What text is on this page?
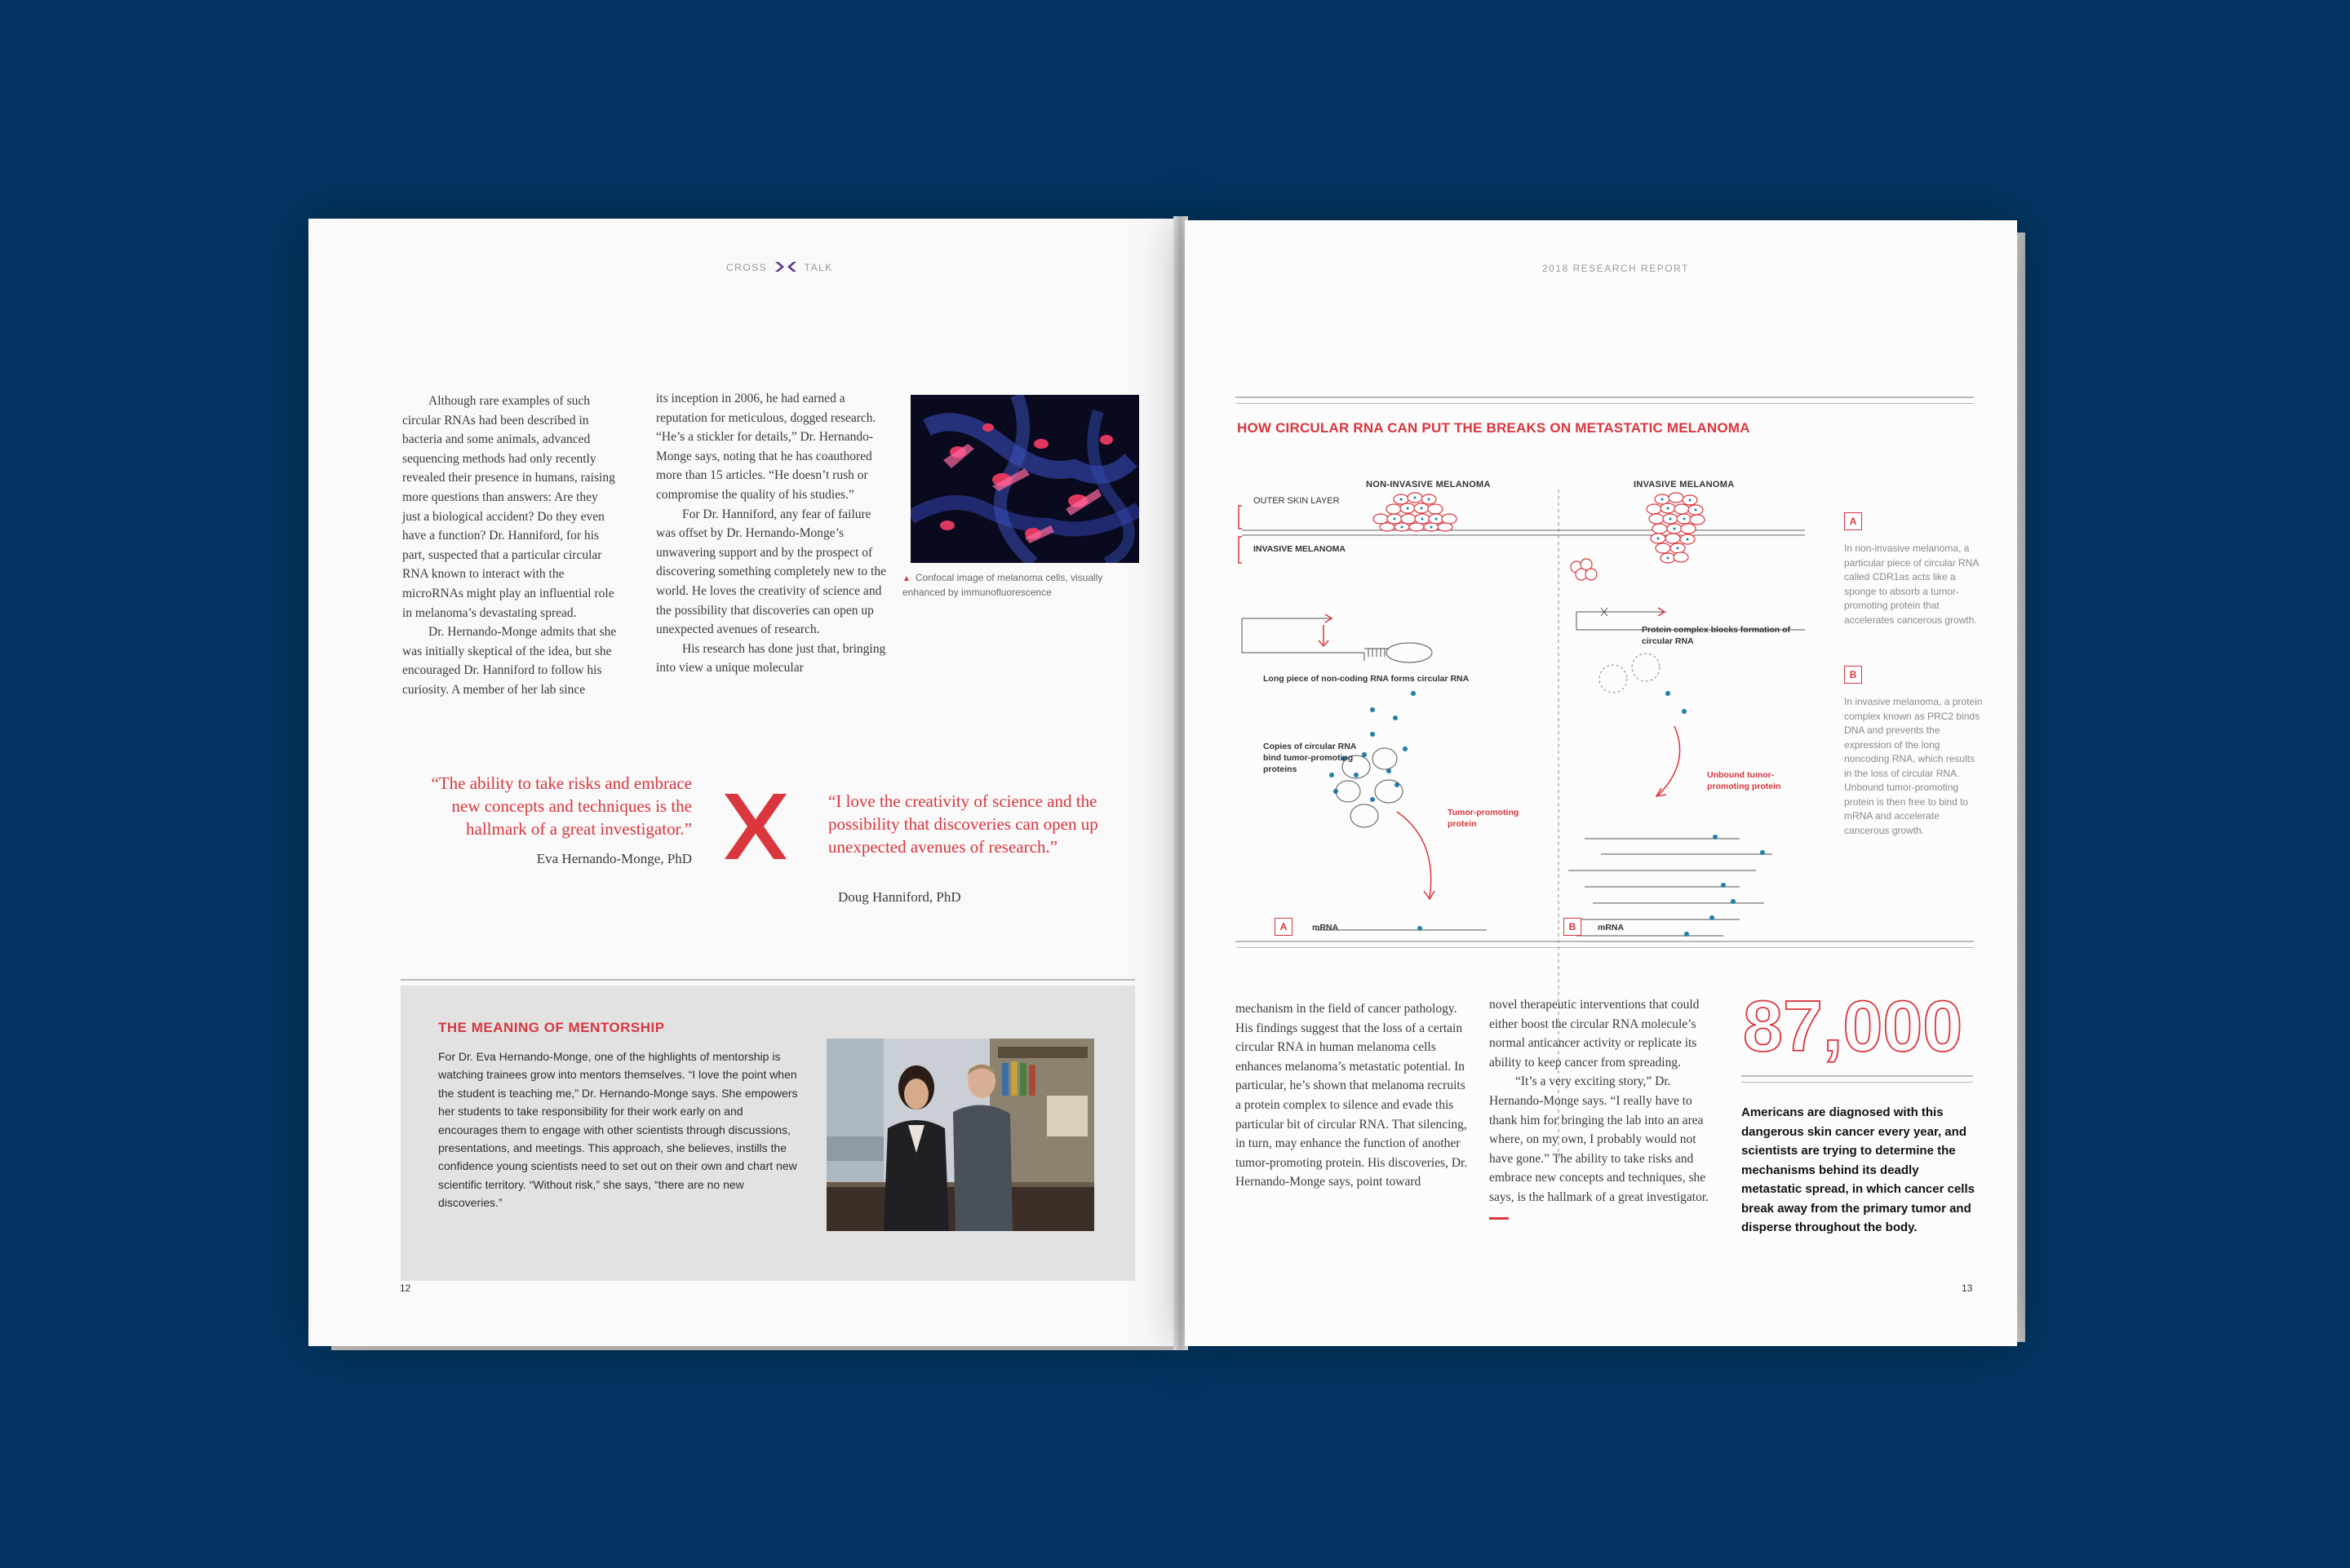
CROSS	TALK

Although rare examples of such circular RNAs had been described in bacteria and some animals, advanced sequencing methods had only recently revealed their presence in humans, raising more questions than answers: Are they just a biological accident? Do they even have a function? Dr. Hanniford, for his part, suspected that a particular circular RNA known to interact with the microRNAs might play an influential role in melanoma’s devastating spread.

Dr. Hernando-Monge admits that she was initially skeptical of the idea, but she encouraged Dr. Hanniford to follow his curiosity. A member of her lab since

its inception in 2006, he had earned a reputation for meticulous, dogged research. “He’s a stickler for details,” Dr. Hernando-Monge says, noting that he has coauthored more than 15 articles. “He doesn’t rush or compromise the quality of his studies.”

For Dr. Hanniford, any fear of failure was offset by Dr. Hernando-Monge’s unwavering support and by the prospect of discovering something completely new to the world. He loves the creativity of science and the possibility that discoveries can open up unexpected avenues of research.

His research has done just that, bringing into view a unique molecular

▲ Confocal image of melanoma cells, visually enhanced by immunofluorescence
“The ability to take risks and embrace new concepts and techniques is the hallmark of a great investigator.”
Eva Hernando-Monge, PhD
“I love the creativity of science and the possibility that discoveries can open up unexpected avenues of research.”
Doug Hanniford, PhD
THE MEANING OF MENTORSHIP
For Dr. Eva Hernando-Monge, one of the highlights of mentorship is watching trainees grow into mentors themselves. “I love the point when the student is teaching me,” Dr. Hernando-Monge says. She empowers her students to take responsibility for their work early on and encourages them to engage with other scientists through discussions, presentations, and meetings. This approach, she believes, instills the confidence young scientists need to set out on their own and chart new scientific territory. “Without risk,” she says, “there are no new discoveries.”
12
2018 RESEARCH REPORT
HOW CIRCULAR RNA CAN PUT THE BREAKS ON METASTATIC MELANOMA
NON-INVASIVE MELANOMA	INVASIVE MELANOMA
OUTER SKIN LAYER
INVASIVE MELANOMA
Long piece of non-coding RNA forms circular RNA
Copies of circular RNA bind tumor-promoting proteins
Tumor-promoting protein
Protein complex blocks formation of circular RNA
Unbound tumor-promoting protein
A	mRNA	B	mRNA
A
In non-invasive melanoma, a particular piece of circular RNA called CDR1as acts like a sponge to absorb a tumor-promoting protein that accelerates cancerous growth.
B
In invasive melanoma, a protein complex known as PRC2 binds DNA and prevents the expression of the long noncoding RNA, which results in the loss of circular RNA. Unbound tumor-promoting protein is then free to bind to mRNA and accelerate cancerous growth.

mechanism in the field of cancer pathology. His findings suggest that the loss of a certain circular RNA in human melanoma cells enhances melanoma’s metastatic potential. In particular, he’s shown that melanoma recruits a protein complex to silence and evade this particular bit of circular RNA. That silencing, in turn, may enhance the function of another tumor-promoting protein. His discoveries, Dr. Hernando-Monge says, point toward

novel therapeutic interventions that could either boost the circular RNA molecule’s normal anticancer activity or replicate its ability to keep cancer from spreading.

“It’s a very exciting story,” Dr. Hernando-Monge says. “I really have to thank him for bringing the lab into an area where, on my own, I probably would not have gone.” The ability to take risks and embrace new concepts and techniques, she says, is the hallmark of a great investigator.

87,000
Americans are diagnosed with this dangerous skin cancer every year, and scientists are trying to determine the mechanisms behind its deadly metastatic spread, in which cancer cells break away from the primary tumor and disperse throughout the body.
13
